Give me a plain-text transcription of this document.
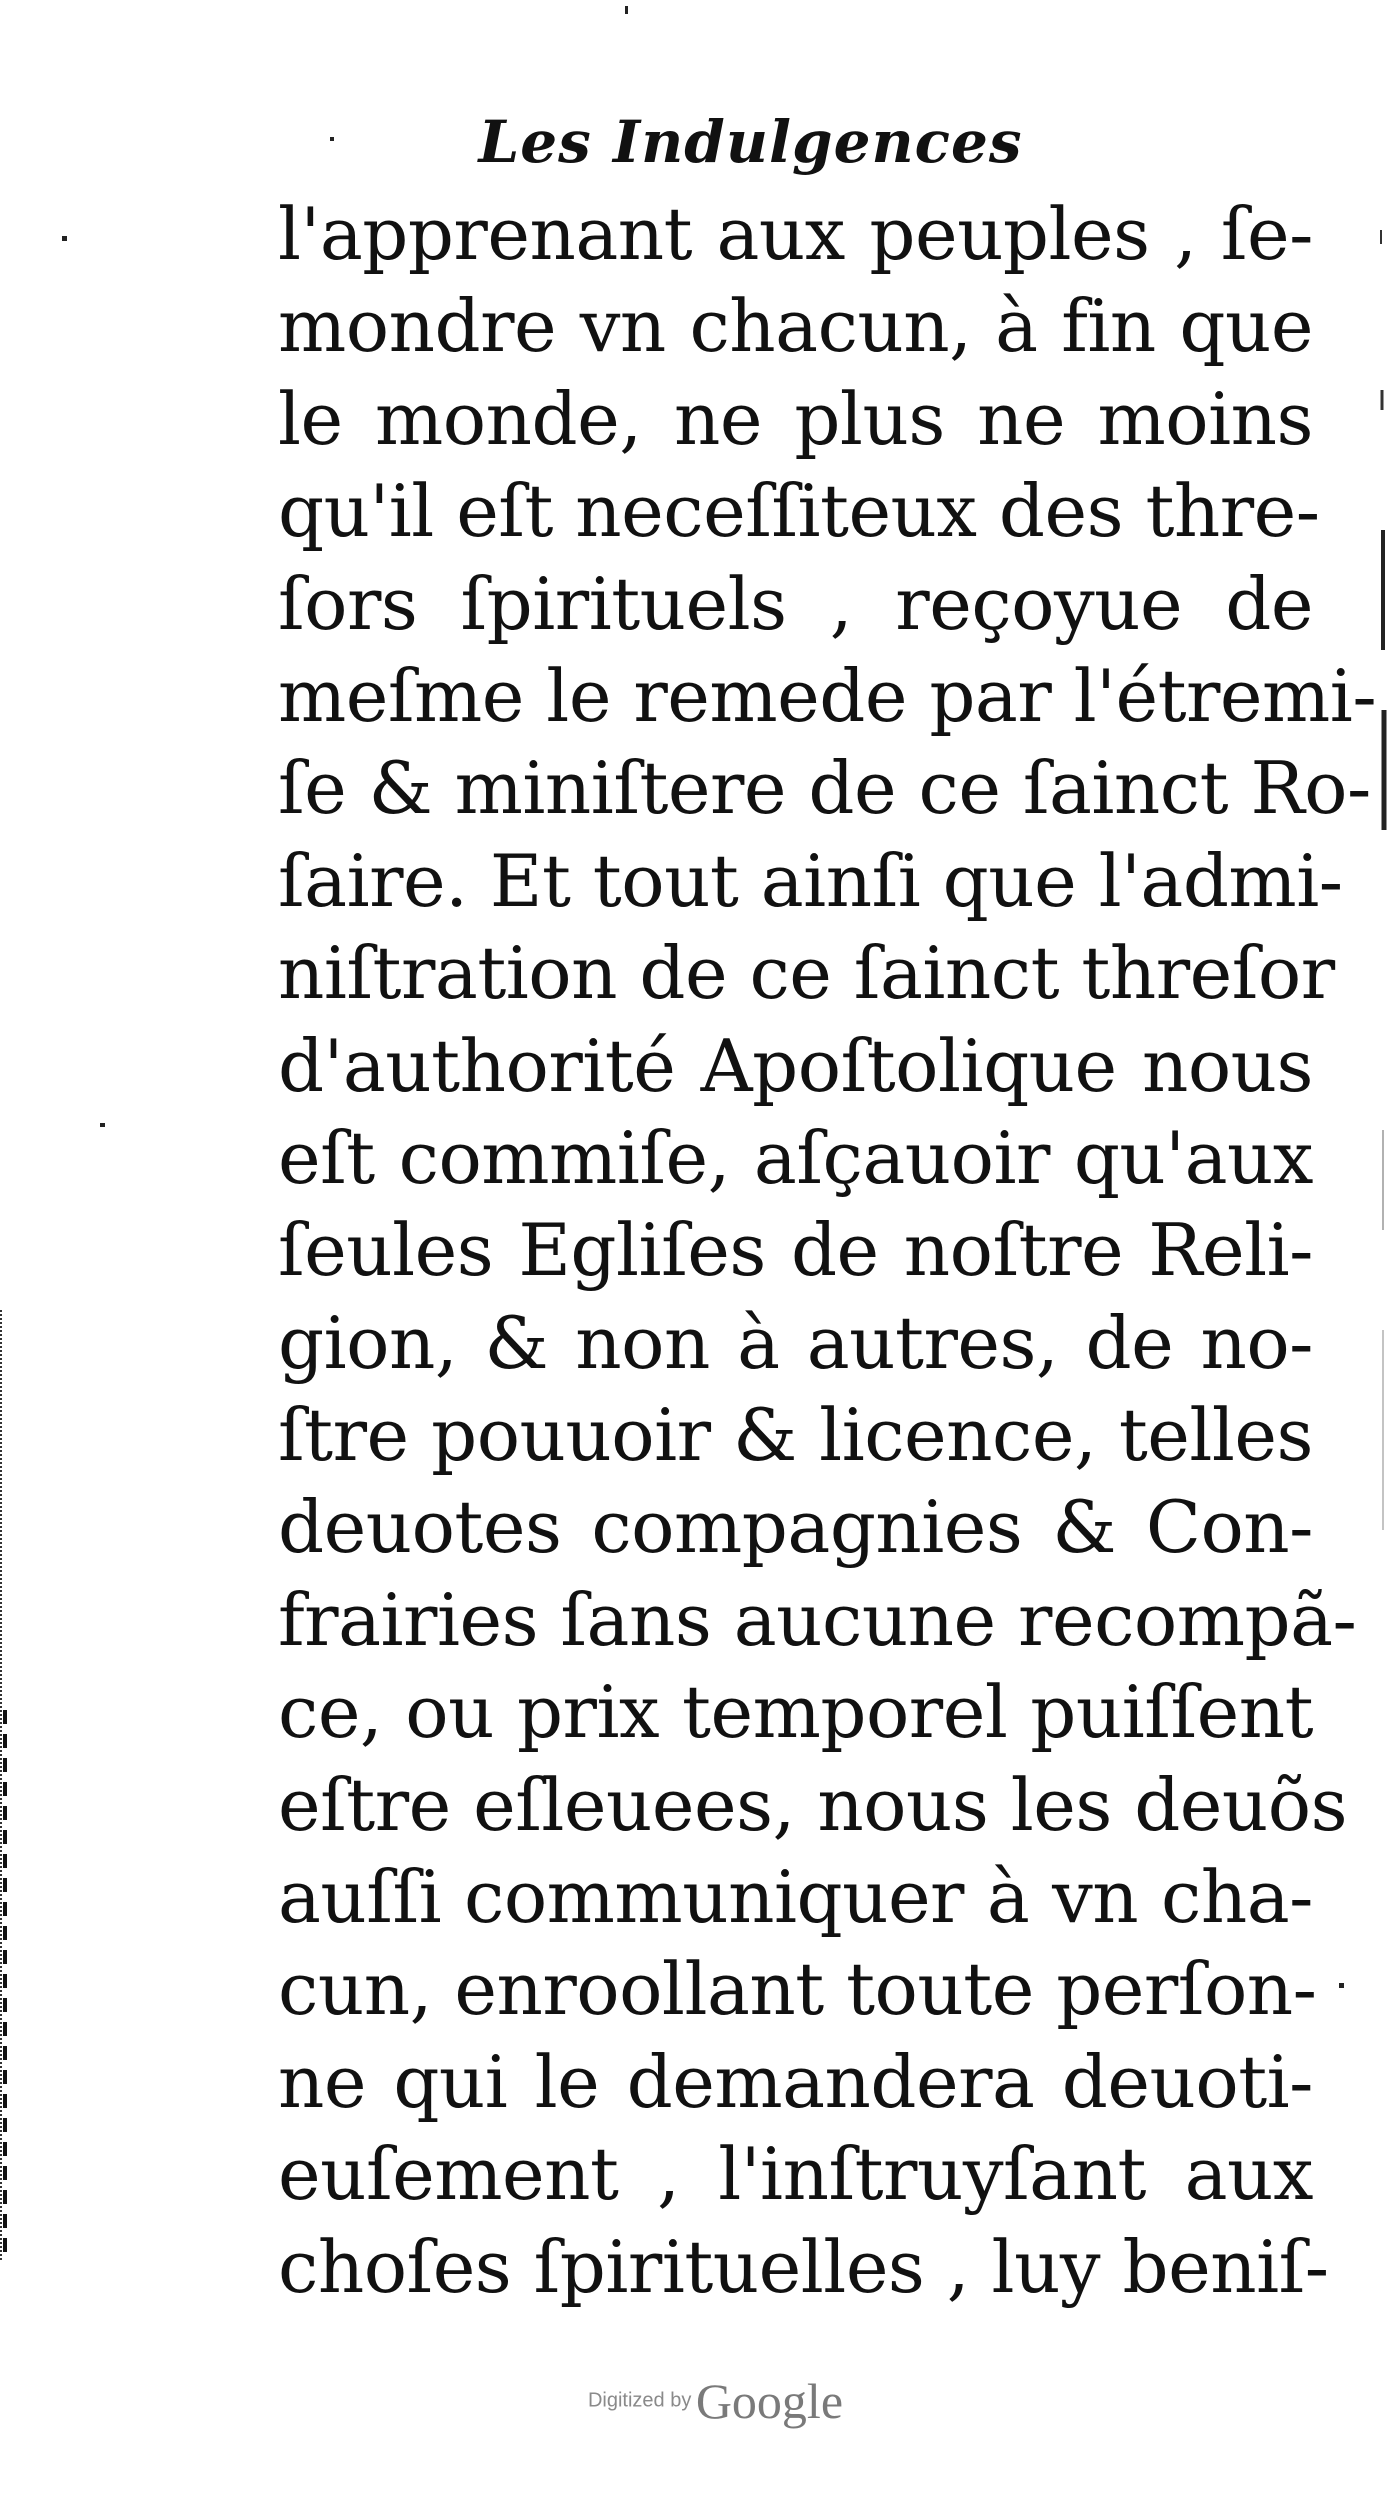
Les Indulgences
l'apprenant aux peuples , ſe-
mondre vn chacun, à fin que
le monde, ne plus ne moins
qu'il eſt neceſſiteux des thre-
ſors ſpirituels , reçoyue de
meſme le remede par l'étremi-
ſe & miniſtere de ce ſainct Ro-
ſaire. Et tout ainſi que l'admi-
niſtration de ce ſainct threſor
d'authorité Apoſtolique nous
eſt commiſe, aſçauoir qu'aux
ſeules Egliſes de noſtre Reli-
gion, & non à autres, de no-
ſtre pouuoir & licence, telles
deuotes compagnies & Con-
frairies ſans aucune recompã-
ce, ou prix temporel puiſſent
eſtre eſleuees, nous les deuõs
auſſi communiquer à vn cha-
cun, enroollant toute perſon-
ne qui le demandera deuoti-
euſement , l'inſtruyſant aux
choſes ſpirituelles , luy beniſ-
Digitized by Google
